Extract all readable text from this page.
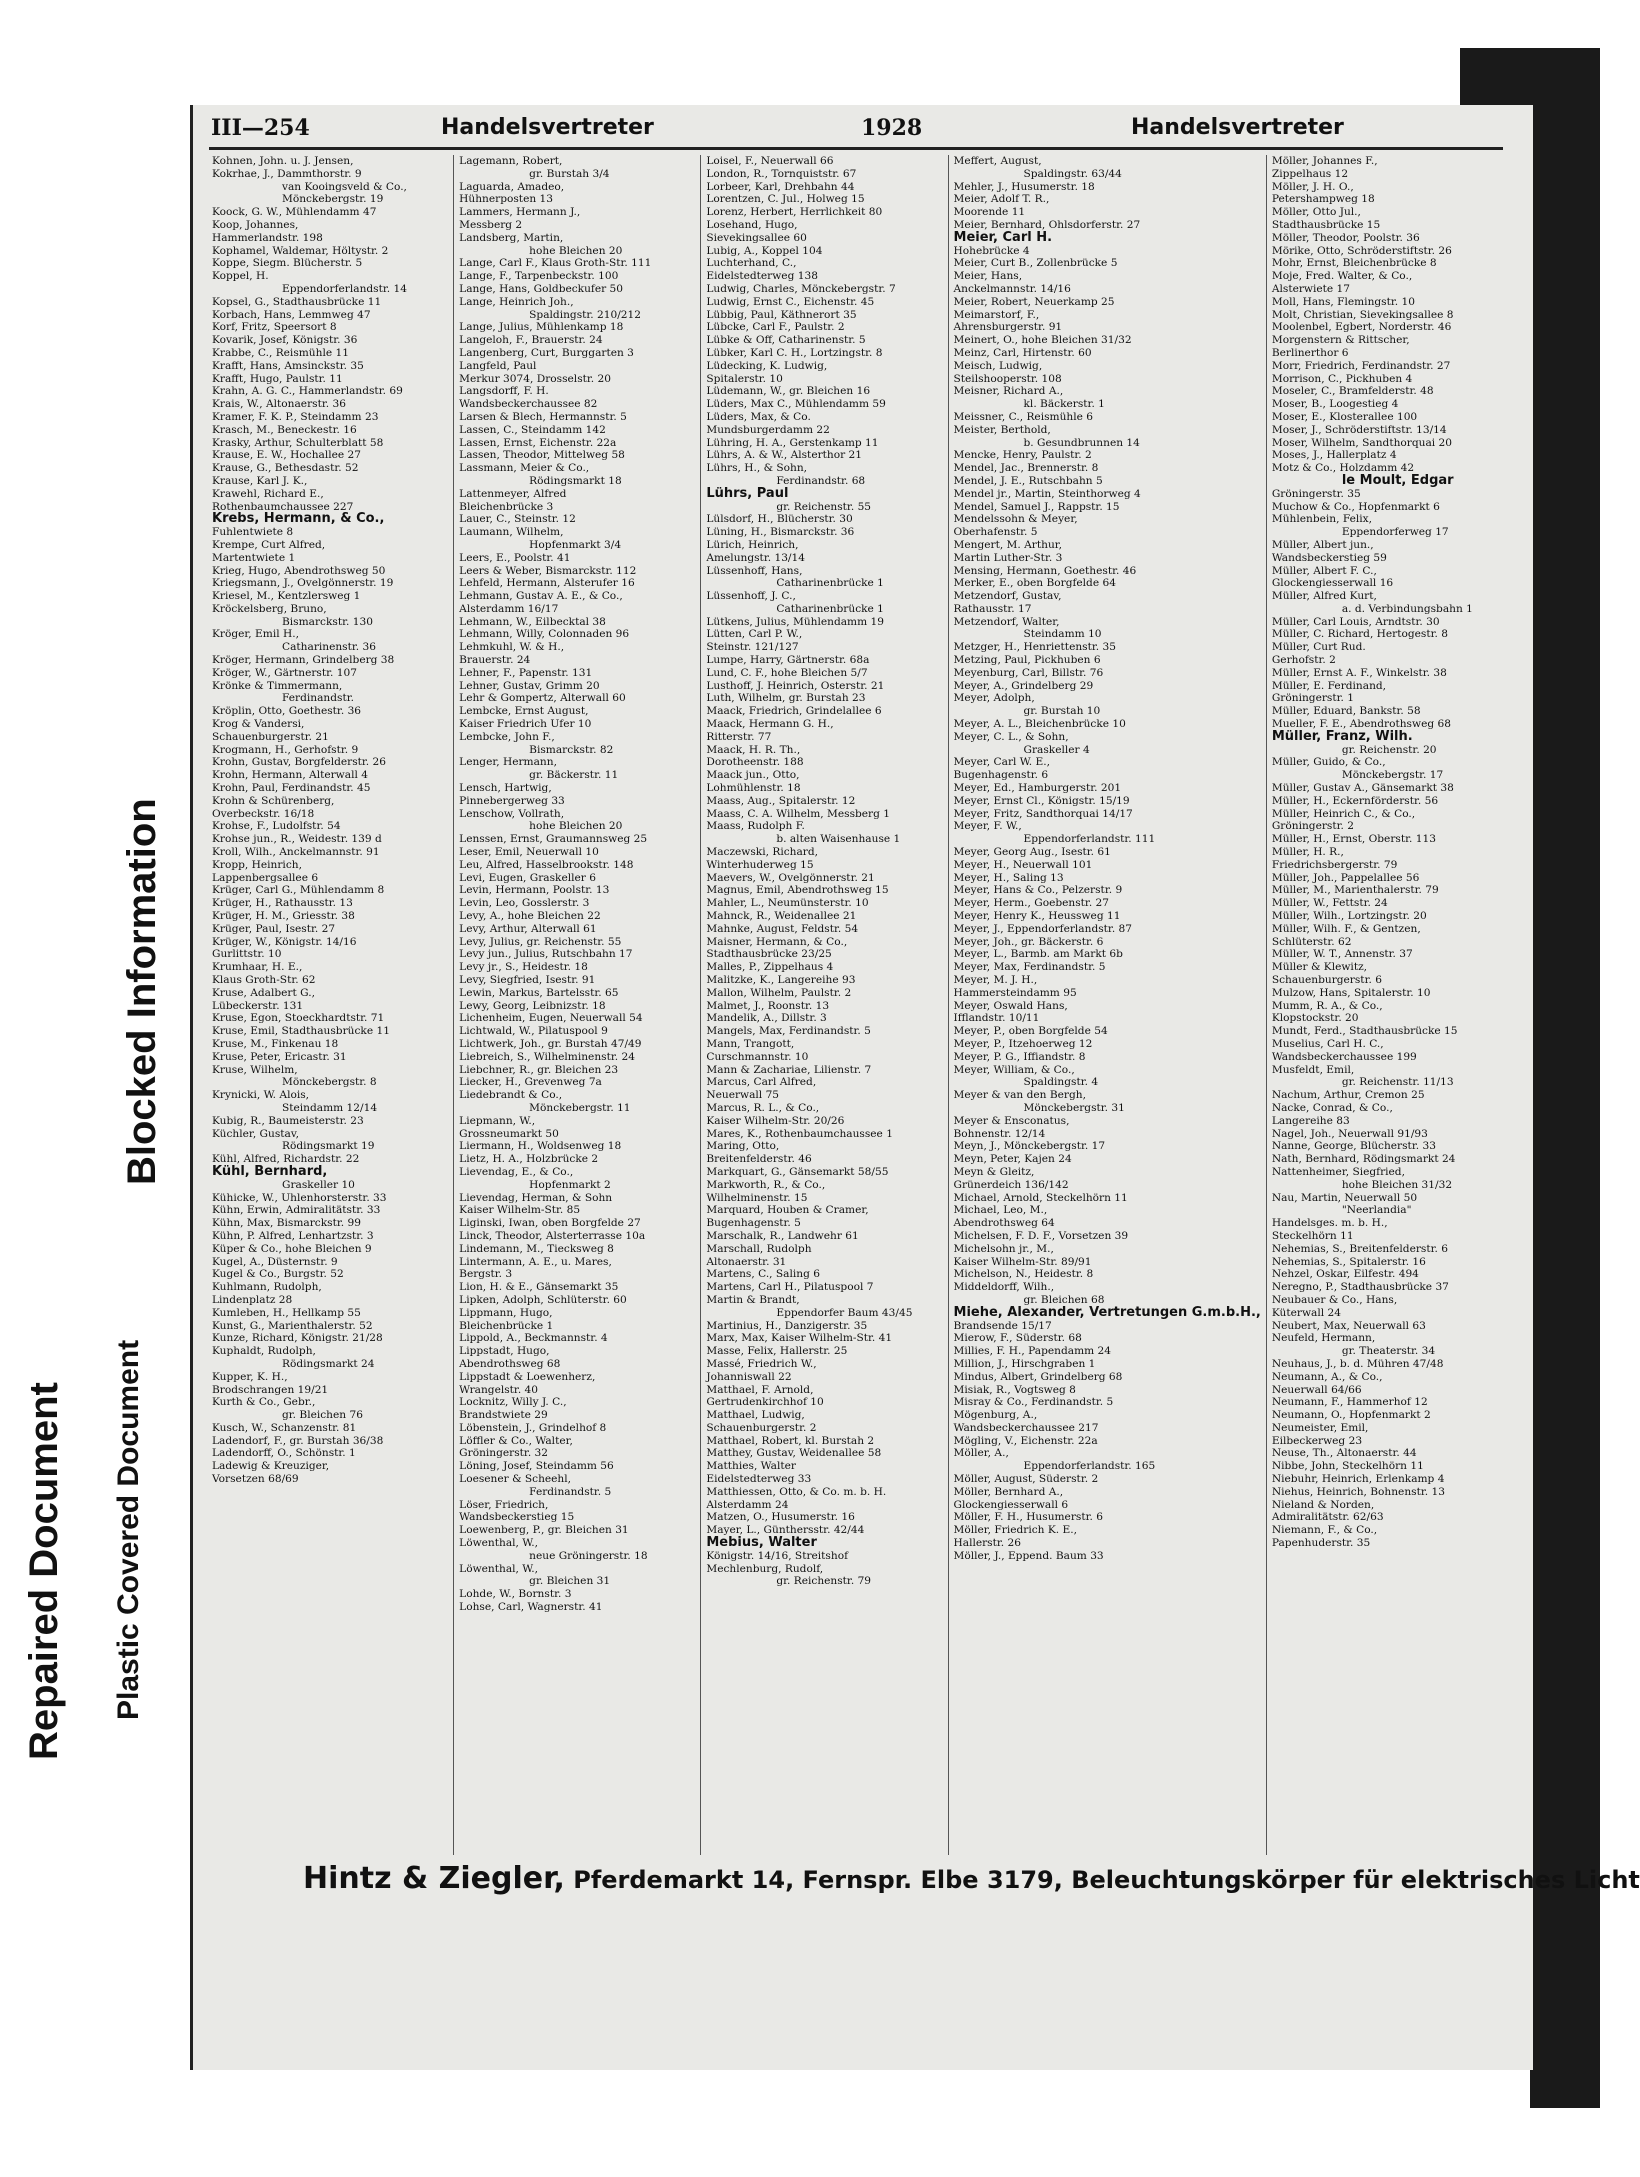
Repaired Document Plastic Covered Document
Blocked Information
III—254	Handelsvertreter	1928	Handelsvertreter
Kohnen, John. u. J. Jensen,
Kokrhae, J., Dammthorstr. 9
van Kooingsveld & Co.,
Mönckebergstr. 19
Koock, G. W., Mühlendamm 47
Koop, Johannes,
Hammerlandstr. 198
Kophamel, Waldemar, Höltystr. 2
Koppe, Siegm. Blücherstr. 5
Koppel, H.
Eppendorferlandstr. 14
Kopsel, G., Stadthausbrücke 11
Korbach, Hans, Lemmweg 47
Korf, Fritz, Speersort 8
Kovarik, Josef, Königstr. 36
Krabbe, C., Reismühle 11
Krafft, Hans, Amsinckstr. 35
Krafft, Hugo, Paulstr. 11
Krahn, A. G. C., Hammerlandstr. 69
Krais, W., Altonaerstr. 36
Kramer, F. K. P., Steindamm 23
Krasch, M., Beneckestr. 16
Krasky, Arthur, Schulterblatt 58
Krause, E. W., Hochallee 27
Krause, G., Bethesdastr. 52
Krause, Karl J. K.,
Krawehl, Richard E.,
Rothenbaumchaussee 227
Krebs, Hermann, & Co.,
Fuhlentwiete 8
Krempe, Curt Alfred,
Martentwiete 1
Krieg, Hugo, Abendrothsweg 50
Kriegsmann, J., Ovelgönnerstr. 19
Kriesel, M., Kentzlersweg 1
Kröckelsberg, Bruno,
Bismarckstr. 130
Kröger, Emil H.,
Catharinenstr. 36
Kröger, Hermann, Grindelberg 38
Kröger, W., Gärtnerstr. 107
Krönke & Timmermann,
Ferdinandstr.
Kröplin, Otto, Goethestr. 36
Krog & Vandersi,
Schauenburgerstr. 21
Krogmann, H., Gerhofstr. 9
Krohn, Gustav, Borgfelderstr. 26
Krohn, Hermann, Alterwall 4
Krohn, Paul, Ferdinandstr. 45
Krohn & Schürenberg,
Overbeckstr. 16/18
Krohse, F., Ludolfstr. 54
Krohse jun., R., Weidestr. 139 d
Kroll, Wilh., Anckelmannstr. 91
Kropp, Heinrich,
Lappenbergsallee 6
Krüger, Carl G., Mühlendamm 8
Krüger, H., Rathausstr. 13
Krüger, H. M., Griesstr. 38
Krüger, Paul, Isestr. 27
Krüger, W., Königstr. 14/16
Gurlittstr. 10
Krumhaar, H. E.,
Klaus Groth-Str. 62
Kruse, Adalbert G.,
Lübeckerstr. 131
Kruse, Egon, Stoeckhardtstr. 71
Kruse, Emil, Stadthausbrücke 11
Kruse, M., Finkenau 18
Kruse, Peter, Ericastr. 31
Kruse, Wilhelm,
Mönckebergstr. 8
Krynicki, W. Alois,
Steindamm 12/14
Kubig, R., Baumeisterstr. 23
Küchler, Gustav,
Rödingsmarkt 19
Kühl, Alfred, Richardstr. 22
Kühl, Bernhard,
Graskeller 10
Kühicke, W., Uhlenhorsterstr. 33
Kühn, Erwin, Admiralitätstr. 33
Kühn, Max, Bismarckstr. 99
Kühn, P. Alfred, Lenhartzstr. 3
Küper & Co., hohe Bleichen 9
Kugel, A., Düsternstr. 9
Kugel & Co., Burgstr. 52
Kuhlmann, Rudolph,
Lindenplatz 28
Kumleben, H., Hellkamp 55
Kunst, G., Marienthalerstr. 52
Kunze, Richard, Königstr. 21/28
Kuphaldt, Rudolph,
Rödingsmarkt 24
Kupper, K. H.,
Brodschrangen 19/21
Kurth & Co., Gebr.,
gr. Bleichen 76
Kusch, W., Schanzenstr. 81
Ladendorf, F., gr. Burstah 36/38
Ladendorff, O., Schönstr. 1
Ladewig & Kreuziger,
Vorsetzen 68/69
Lagemann, Robert,
gr. Burstah 3/4
Laguarda, Amadeo,
Hühnerposten 13
Lammers, Hermann J.,
Messberg 2
Landsberg, Martin,
hohe Bleichen 20
Lange, Carl F., Klaus Groth-Str. 111
Lange, F., Tarpenbeckstr. 100
Lange, Hans, Goldbeckufer 50
Lange, Heinrich Joh.,
Spaldingstr. 210/212
Lange, Julius, Mühlenkamp 18
Langeloh, F., Brauerstr. 24
Langenberg, Curt, Burggarten 3
Langfeld, Paul
Merkur 3074, Drosselstr. 20
Langsdorff, F. H.
Wandsbeckerchaussee 82
Larsen & Blech, Hermannstr. 5
Lassen, C., Steindamm 142
Lassen, Ernst, Eichenstr. 22a
Lassen, Theodor, Mittelweg 58
Lassmann, Meier & Co.,
Rödingsmarkt 18
Lattenmeyer, Alfred
Bleichenbrücke 3
Lauer, C., Steinstr. 12
Laumann, Wilhelm,
Hopfenmarkt 3/4
Leers, E., Poolstr. 41
Leers & Weber, Bismarckstr. 112
Lehfeld, Hermann, Alsterufer 16
Lehmann, Gustav A. E., & Co.,
Alsterdamm 16/17
Lehmann, W., Eilbecktal 38
Lehmann, Willy, Colonnaden 96
Lehmkuhl, W. & H.,
Brauerstr. 24
Lehner, F., Papenstr. 131
Lehner, Gustav, Grimm 20
Lehr & Gompertz, Alterwall 60
Lembcke, Ernst August,
Kaiser Friedrich Ufer 10
Lembcke, John F.,
Bismarckstr. 82
Lenger, Hermann,
gr. Bäckerstr. 11
Lensch, Hartwig,
Pinnebergerweg 33
Lenschow, Vollrath,
hohe Bleichen 20
Lenssen, Ernst, Graumannsweg 25
Leser, Emil, Neuerwall 10
Leu, Alfred, Hasselbrookstr. 148
Levi, Eugen, Graskeller 6
Levin, Hermann, Poolstr. 13
Levin, Leo, Gosslerstr. 3
Levy, A., hohe Bleichen 22
Levy, Arthur, Alterwall 61
Levy, Julius, gr. Reichenstr. 55
Levy jun., Julius, Rutschbahn 17
Levy jr., S., Heidestr. 18
Levy, Siegfried, Isestr. 91
Lewin, Markus, Bartelsstr. 65
Lewy, Georg, Leibnizstr. 18
Lichenheim, Eugen, Neuerwall 54
Lichtwald, W., Pilatuspool 9
Lichtwerk, Joh., gr. Burstah 47/49
Liebreich, S., Wilhelminenstr. 24
Liebchner, R., gr. Bleichen 23
Liecker, H., Grevenweg 7a
Liedebrandt & Co.,
Mönckebergstr. 11
Liepmann, W.,
Grossneumarkt 50
Liermann, H., Woldsenweg 18
Lietz, H. A., Holzbrücke 2
Lievendag, E., & Co.,
Hopfenmarkt 2
Lievendag, Herman, & Sohn
Kaiser Wilhelm-Str. 85
Liginski, Iwan, oben Borgfelde 27
Linck, Theodor, Alsterterrasse 10a
Lindemann, M., Tiecksweg 8
Lintermann, A. E., u. Mares,
Bergstr. 3
Lion, H. & E., Gänsemarkt 35
Lipken, Adolph, Schlüterstr. 60
Lippmann, Hugo,
Bleichenbrücke 1
Lippold, A., Beckmannstr. 4
Lippstadt, Hugo,
Abendrothsweg 68
Lippstadt & Loewenherz,
Wrangelstr. 40
Locknitz, Willy J. C.,
Brandstwiete 29
Löbenstein, J., Grindelhof 8
Löffler & Co., Walter,
Gröningerstr. 32
Löning, Josef, Steindamm 56
Loesener & Scheehl,
Ferdinandstr. 5
Löser, Friedrich,
Wandsbeckerstieg 15
Loewenberg, P., gr. Bleichen 31
Löwenthal, W.,
neue Gröningerstr. 18
Löwenthal, W.,
gr. Bleichen 31
Lohde, W., Bornstr. 3
Lohse, Carl, Wagnerstr. 41
Loisel, F., Neuerwall 66
London, R., Tornquiststr. 67
Lorbeer, Karl, Drehbahn 44
Lorentzen, C. Jul., Holweg 15
Lorenz, Herbert, Herrlichkeit 80
Losehand, Hugo,
Sievekingsallee 60
Lubig, A., Koppel 104
Luchterhand, C.,
Eidelstedterweg 138
Ludwig, Charles, Mönckebergstr. 7
Ludwig, Ernst C., Eichenstr. 45
Lübbig, Paul, Käthnerort 35
Lübcke, Carl F., Paulstr. 2
Lübke & Off, Catharinenstr. 5
Lübker, Karl C. H., Lortzingstr. 8
Lüdecking, K. Ludwig,
Spitalerstr. 10
Lüdemann, W., gr. Bleichen 16
Lüders, Max C., Mühlendamm 59
Lüders, Max, & Co.
Mundsburgerdamm 22
Lühring, H. A., Gerstenkamp 11
Lührs, A. & W., Alsterthor 21
Lührs, H., & Sohn,
Ferdinandstr. 68
Lührs, Paul
gr. Reichenstr. 55
Lülsdorf, H., Blücherstr. 30
Lüning, H., Bismarckstr. 36
Lürich, Heinrich,
Amelungstr. 13/14
Lüssenhoff, Hans,
Catharinenbrücke 1
Lüssenhoff, J. C.,
Catharinenbrücke 1
Lütkens, Julius, Mühlendamm 19
Lütten, Carl P. W.,
Steinstr. 121/127
Lumpe, Harry, Gärtnerstr. 68a
Lund, C. F., hohe Bleichen 5/7
Lusthoff, J. Heinrich, Osterstr. 21
Luth, Wilhelm, gr. Burstah 23
Maack, Friedrich, Grindelallee 6
Maack, Hermann G. H.,
Ritterstr. 77
Maack, H. R. Th.,
Dorotheenstr. 188
Maack jun., Otto,
Lohmühlenstr. 18
Maass, Aug., Spitalerstr. 12
Maass, C. A. Wilhelm, Messberg 1
Maass, Rudolph F.
b. alten Waisenhause 1
Maczewski, Richard,
Winterhuderweg 15
Maevers, W., Ovelgönnerstr. 21
Magnus, Emil, Abendrothsweg 15
Mahler, L., Neumünsterstr. 10
Mahnck, R., Weidenallee 21
Mahnke, August, Feldstr. 54
Maisner, Hermann, & Co.,
Stadthausbrücke 23/25
Malles, P., Zippelhaus 4
Malitzke, K., Langereihe 93
Mallon, Wilhelm, Paulstr. 2
Malmet, J., Roonstr. 13
Mandelik, A., Dillstr. 3
Mangels, Max, Ferdinandstr. 5
Mann, Trangott,
Curschmannstr. 10
Mann & Zachariae, Lilienstr. 7
Marcus, Carl Alfred,
Neuerwall 75
Marcus, R. L., & Co.,
Kaiser Wilhelm-Str. 20/26
Mares, K., Rothenbaumchaussee 1
Maring, Otto,
Breitenfelderstr. 46
Markquart, G., Gänsemarkt 58/55
Markworth, R., & Co.,
Wilhelminenstr. 15
Marquard, Houben & Cramer,
Bugenhagenstr. 5
Marschalk, R., Landwehr 61
Marschall, Rudolph
Altonaerstr. 31
Martens, C., Saling 6
Martens, Carl H., Pilatuspool 7
Martin & Brandt,
Eppendorfer Baum 43/45
Martinius, H., Danzigerstr. 35
Marx, Max, Kaiser Wilhelm-Str. 41
Masse, Felix, Hallerstr. 25
Massé, Friedrich W.,
Johanniswall 22
Matthael, F. Arnold,
Gertrudenkirchhof 10
Matthael, Ludwig,
Schauenburgerstr. 2
Matthael, Robert, kl. Burstah 2
Matthey, Gustav, Weidenallee 58
Matthies, Walter
Eidelstedterweg 33
Matthiessen, Otto, & Co. m. b. H.
Alsterdamm 24
Matzen, O., Husumerstr. 16
Mayer, L., Günthersstr. 42/44
Mebius, Walter
Königstr. 14/16, Streitshof
Mechlenburg, Rudolf,
gr. Reichenstr. 79
Meffert, August,
Spaldingstr. 63/44
Mehler, J., Husumerstr. 18
Meier, Adolf T. R.,
Moorende 11
Meier, Bernhard, Ohlsdorferstr. 27
Meier, Carl H.
Hohebrücke 4
Meier, Curt B., Zollenbrücke 5
Meier, Hans,
Anckelmannstr. 14/16
Meier, Robert, Neuerkamp 25
Meimarstorf, F.,
Ahrensburgerstr. 91
Meinert, O., hohe Bleichen 31/32
Meinz, Carl, Hirtenstr. 60
Meisch, Ludwig,
Steilshooperstr. 108
Meisner, Richard A.,
kl. Bäckerstr. 1
Meissner, C., Reismühle 6
Meister, Berthold,
b. Gesundbrunnen 14
Mencke, Henry, Paulstr. 2
Mendel, Jac., Brennerstr. 8
Mendel, J. E., Rutschbahn 5
Mendel jr., Martin, Steinthorweg 4
Mendel, Samuel J., Rappstr. 15
Mendelssohn & Meyer,
Oberhafenstr. 5
Mengert, M. Arthur,
Martin Luther-Str. 3
Mensing, Hermann, Goethestr. 46
Merker, E., oben Borgfelde 64
Metzendorf, Gustav,
Rathausstr. 17
Metzendorf, Walter,
Steindamm 10
Metzger, H., Henriettenstr. 35
Metzing, Paul, Pickhuben 6
Meyenburg, Carl, Billstr. 76
Meyer, A., Grindelberg 29
Meyer, Adolph,
gr. Burstah 10
Meyer, A. L., Bleichenbrücke 10
Meyer, C. L., & Sohn,
Graskeller 4
Meyer, Carl W. E.,
Bugenhagenstr. 6
Meyer, Ed., Hamburgerstr. 201
Meyer, Ernst Cl., Königstr. 15/19
Meyer, Fritz, Sandthorquai 14/17
Meyer, F. W.,
Eppendorferlandstr. 111
Meyer, Georg Aug., Isestr. 61
Meyer, H., Neuerwall 101
Meyer, H., Saling 13
Meyer, Hans & Co., Pelzerstr. 9
Meyer, Herm., Goebenstr. 27
Meyer, Henry K., Heussweg 11
Meyer, J., Eppendorferlandstr. 87
Meyer, Joh., gr. Bäckerstr. 6
Meyer, L., Barmb. am Markt 6b
Meyer, Max, Ferdinandstr. 5
Meyer, M. J. H.,
Hammersteindamm 95
Meyer, Oswald Hans,
Ifflandstr. 10/11
Meyer, P., oben Borgfelde 54
Meyer, P., Itzehoerweg 12
Meyer, P. G., Iffiandstr. 8
Meyer, William, & Co.,
Spaldingstr. 4
Meyer & van den Bergh,
Mönckebergstr. 31
Meyer & Ensconatus,
Bohnenstr. 12/14
Meyn, J., Mönckebergstr. 17
Meyn, Peter, Kajen 24
Meyn & Gleitz,
Grünerdeich 136/142
Michael, Arnold, Steckelhörn 11
Michael, Leo, M.,
Abendrothsweg 64
Michelsen, F. D. F., Vorsetzen 39
Michelsohn jr., M.,
Kaiser Wilhelm-Str. 89/91
Michelson, N., Heidestr. 8
Middeldorff, Wilh.,
gr. Bleichen 68
Miehe, Alexander, Vertretungen G.m.b.H.,
Brandsende 15/17
Mierow, F., Süderstr. 68
Millies, F. H., Papendamm 24
Million, J., Hirschgraben 1
Mindus, Albert, Grindelberg 68
Misiak, R., Vogtsweg 8
Misray & Co., Ferdinandstr. 5
Mögenburg, A.,
Wandsbeckerchaussee 217
Mögling, V., Eichenstr. 22a
Möller, A.,
Eppendorferlandstr. 165
Möller, August, Süderstr. 2
Möller, Bernhard A.,
Glockengiesserwall 6
Möller, F. H., Husumerstr. 6
Möller, Friedrich K. E.,
Hallerstr. 26
Möller, J., Eppend. Baum 33
Möller, Johannes F.,
Zippelhaus 12
Möller, J. H. O.,
Petershampweg 18
Möller, Otto Jul.,
Stadthausbrücke 15
Möller, Theodor, Poolstr. 36
Mörike, Otto, Schröderstiftstr. 26
Mohr, Ernst, Bleichenbrücke 8
Moje, Fred. Walter, & Co.,
Alsterwiete 17
Moll, Hans, Flemingstr. 10
Molt, Christian, Sievekingsallee 8
Moolenbel, Egbert, Norderstr. 46
Morgenstern & Rittscher,
Berlinerthor 6
Morr, Friedrich, Ferdinandstr. 27
Morrison, C., Pickhuben 4
Moseler, C., Bramfelderstr. 48
Moser, B., Loogestieg 4
Moser, E., Klosterallee 100
Moser, J., Schröderstiftstr. 13/14
Moser, Wilhelm, Sandthorquai 20
Moses, J., Hallerplatz 4
Motz & Co., Holzdamm 42
le Moult, Edgar
Gröningerstr. 35
Muchow & Co., Hopfenmarkt 6
Mühlenbein, Felix,
Eppendorferweg 17
Müller, Albert jun.,
Wandsbeckerstieg 59
Müller, Albert F. C.,
Glockengiesserwall 16
Müller, Alfred Kurt,
a. d. Verbindungsbahn 1
Müller, Carl Louis, Arndtstr. 30
Müller, C. Richard, Hertogestr. 8
Müller, Curt Rud.
Gerhofstr. 2
Müller, Ernst A. F., Winkelstr. 38
Müller, E. Ferdinand,
Gröningerstr. 1
Müller, Eduard, Bankstr. 58
Mueller, F. E., Abendrothsweg 68
Müller, Franz, Wilh.
gr. Reichenstr. 20
Müller, Guido, & Co.,
Mönckebergstr. 17
Müller, Gustav A., Gänsemarkt 38
Müller, H., Eckernförderstr. 56
Müller, Heinrich C., & Co.,
Gröningerstr. 2
Müller, H., Ernst, Oberstr. 113
Müller, H. R.,
Friedrichsbergerstr. 79
Müller, Joh., Pappelallee 56
Müller, M., Marienthalerstr. 79
Müller, W., Fettstr. 24
Müller, Wilh., Lortzingstr. 20
Müller, Wilh. F., & Gentzen,
Schlüterstr. 62
Müller, W. T., Annenstr. 37
Müller & Klewitz,
Schauenburgerstr. 6
Mulzow, Hans, Spitalerstr. 10
Mumm, R. A., & Co.,
Klopstockstr. 20
Mundt, Ferd., Stadthausbrücke 15
Muselius, Carl H. C.,
Wandsbeckerchaussee 199
Musfeldt, Emil,
gr. Reichenstr. 11/13
Nachum, Arthur, Cremon 25
Nacke, Conrad, & Co.,
Langereihe 83
Nagel, Joh., Neuerwall 91/93
Nanne, George, Blücherstr. 33
Nath, Bernhard, Rödingsmarkt 24
Nattenheimer, Siegfried,
hohe Bleichen 31/32
Nau, Martin, Neuerwall 50
"Neerlandia"
Handelsges. m. b. H.,
Steckelhörn 11
Nehemias, S., Breitenfelderstr. 6
Nehemias, S., Spitalerstr. 16
Nehzel, Oskar, Eilfestr. 494
Neregno, P., Stadthausbrücke 37
Neubauer & Co., Hans,
Küterwall 24
Neubert, Max, Neuerwall 63
Neufeld, Hermann,
gr. Theaterstr. 34
Neuhaus, J., b. d. Mühren 47/48
Neumann, A., & Co.,
Neuerwall 64/66
Neumann, F., Hammerhof 12
Neumann, O., Hopfenmarkt 2
Neumeister, Emil,
Eilbeckerweg 23
Neuse, Th., Altonaerstr. 44
Nibbe, John, Steckelhörn 11
Niebuhr, Heinrich, Erlenkamp 4
Niehus, Heinrich, Bohnenstr. 13
Nieland & Norden,
Admiralitätstr. 62/63
Niemann, F., & Co.,
Papenhuderstr. 35
Hintz & Ziegler, Pferdemarkt 14, Fernspr. Elbe 3179, Beleuchtungskörper für elektrisches Licht
